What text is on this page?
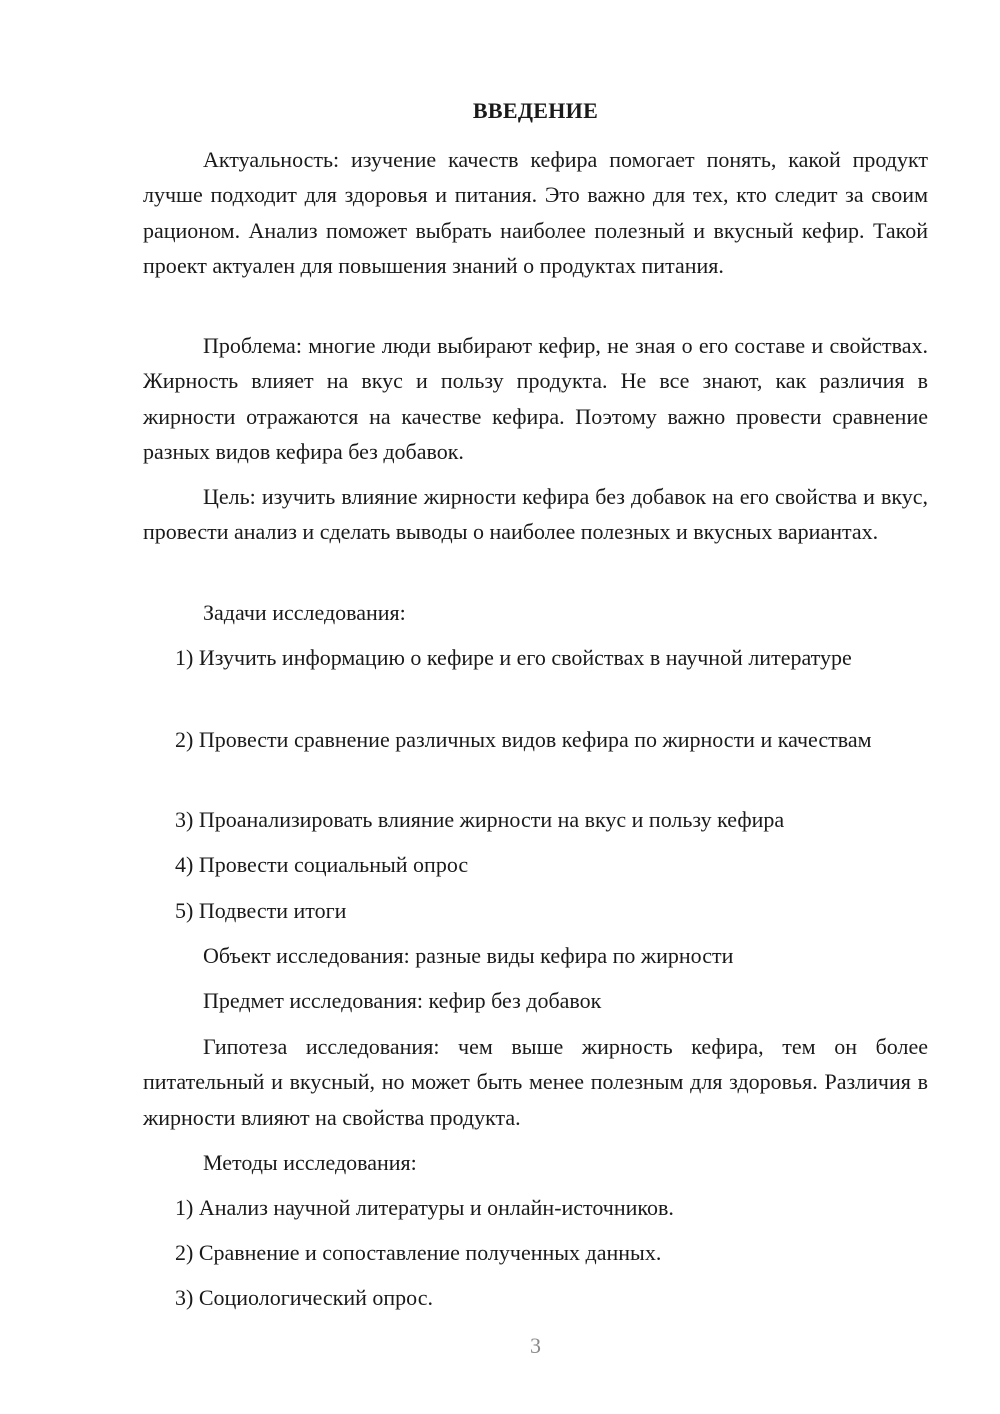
ВВЕДЕНИЕ

Актуальность: изучение качеств кефира помогает понять, какой продукт лучше подходит для здоровья и питания. Это важно для тех, кто следит за своим рационом. Анализ поможет выбрать наиболее полезный и вкусный кефир. Такой проект актуален для повышения знаний о продуктах питания.

Проблема: многие люди выбирают кефир, не зная о его составе и свойствах. Жирность влияет на вкус и пользу продукта. Не все знают, как различия в жирности отражаются на качестве кефира. Поэтому важно провести сравнение разных видов кефира без добавок.

Цель: изучить влияние жирности кефира без добавок на его свойства и вкус, провести анализ и сделать выводы о наиболее полезных и вкусных вариантах.

Задачи исследования:

1) Изучить информацию о кефире и его свойствах в научной литературе

2) Провести сравнение различных видов кефира по жирности и качествам

3) Проанализировать влияние жирности на вкус и пользу кефира

4) Провести социальный опрос

5) Подвести итоги

Объект исследования: разные виды кефира по жирности

Предмет исследования: кефир без добавок

Гипотеза исследования: чем выше жирность кефира, тем он более питательный и вкусный, но может быть менее полезным для здоровья. Различия в жирности влияют на свойства продукта.

Методы исследования:

1) Анализ научной литературы и онлайн-источников.

2) Сравнение и сопоставление полученных данных.

3) Социологический опрос.

3
